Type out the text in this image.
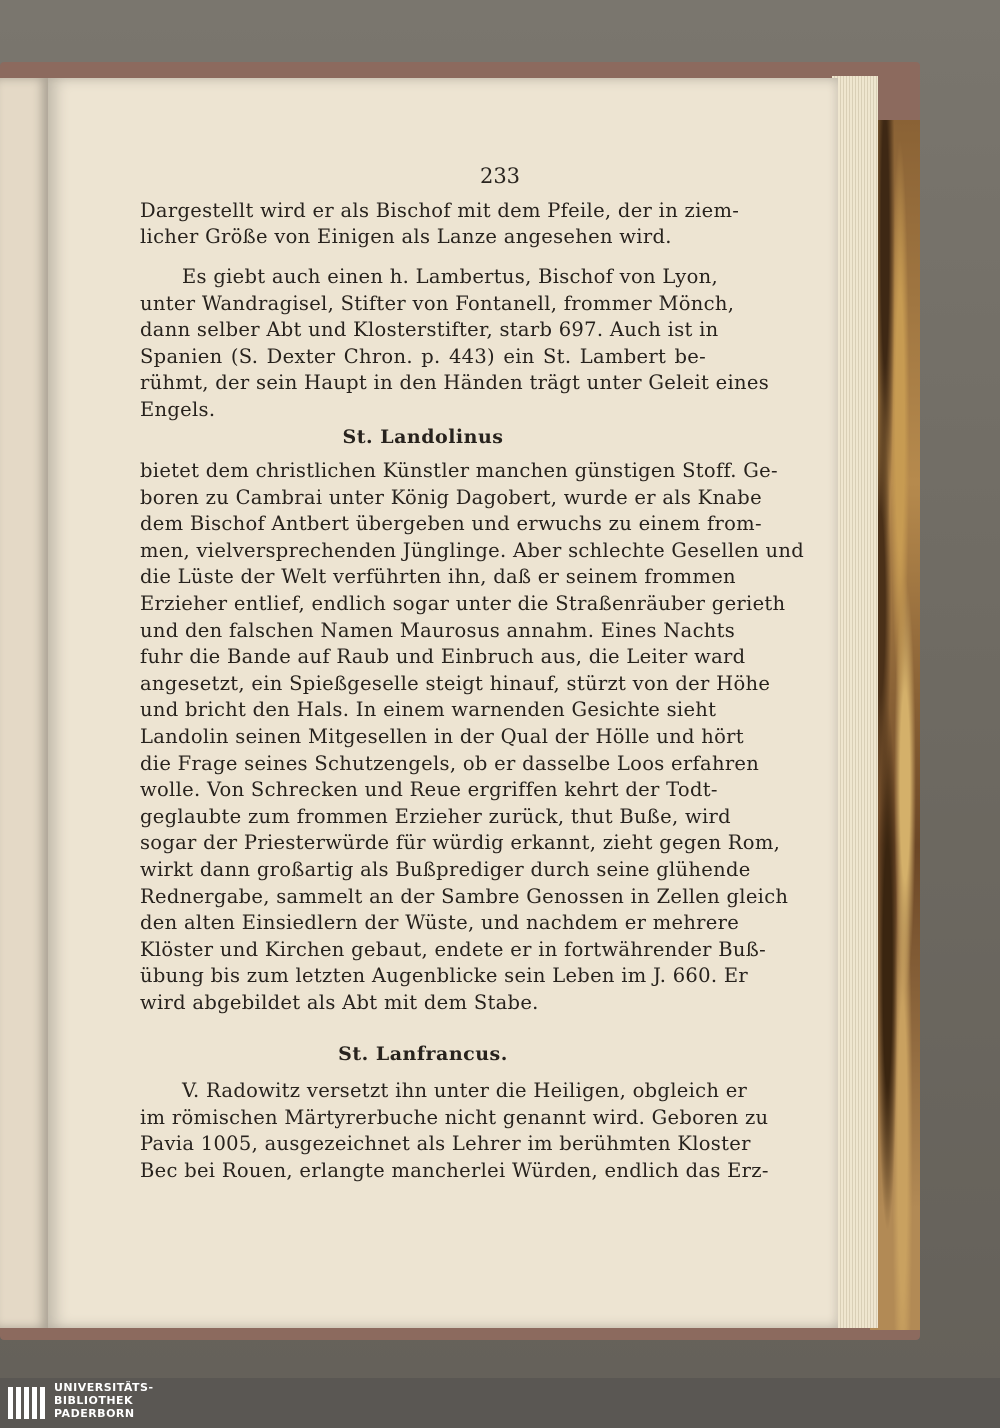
233
Dargestellt wird er als Bischof mit dem Pfeile, der in ziem-
licher Größe von Einigen als Lanze angesehen wird.
Es giebt auch einen h. Lambertus, Bischof von Lyon,
unter Wandragisel, Stifter von Fontanell, frommer Mönch,
dann selber Abt und Klosterstifter, starb 697. Auch ist in
Spanien (S. Dexter Chron. p. 443) ein St. Lambert be-
rühmt, der sein Haupt in den Händen trägt unter Geleit eines
Engels.
St. Landolinus
bietet dem christlichen Künstler manchen günstigen Stoff. Ge-
boren zu Cambrai unter König Dagobert, wurde er als Knabe
dem Bischof Antbert übergeben und erwuchs zu einem from-
men, vielversprechenden Jünglinge. Aber schlechte Gesellen und
die Lüste der Welt verführten ihn, daß er seinem frommen
Erzieher entlief, endlich sogar unter die Straßenräuber gerieth
und den falschen Namen Maurosus annahm. Eines Nachts
fuhr die Bande auf Raub und Einbruch aus, die Leiter ward
angesetzt, ein Spießgeselle steigt hinauf, stürzt von der Höhe
und bricht den Hals. In einem warnenden Gesichte sieht
Landolin seinen Mitgesellen in der Qual der Hölle und hört
die Frage seines Schutzengels, ob er dasselbe Loos erfahren
wolle. Von Schrecken und Reue ergriffen kehrt der Todt-
geglaubte zum frommen Erzieher zurück, thut Buße, wird
sogar der Priesterwürde für würdig erkannt, zieht gegen Rom,
wirkt dann großartig als Bußprediger durch seine glühende
Rednergabe, sammelt an der Sambre Genossen in Zellen gleich
den alten Einsiedlern der Wüste, und nachdem er mehrere
Klöster und Kirchen gebaut, endete er in fortwährender Buß-
übung bis zum letzten Augenblicke sein Leben im J. 660. Er
wird abgebildet als Abt mit dem Stabe.
St. Lanfrancus.
V. Radowitz versetzt ihn unter die Heiligen, obgleich er
im römischen Märtyrerbuche nicht genannt wird. Geboren zu
Pavia 1005, ausgezeichnet als Lehrer im berühmten Kloster
Bec bei Rouen, erlangte mancherlei Würden, endlich das Erz-
UNIVERSITÄTS-
BIBLIOTHEK
PADERBORN
